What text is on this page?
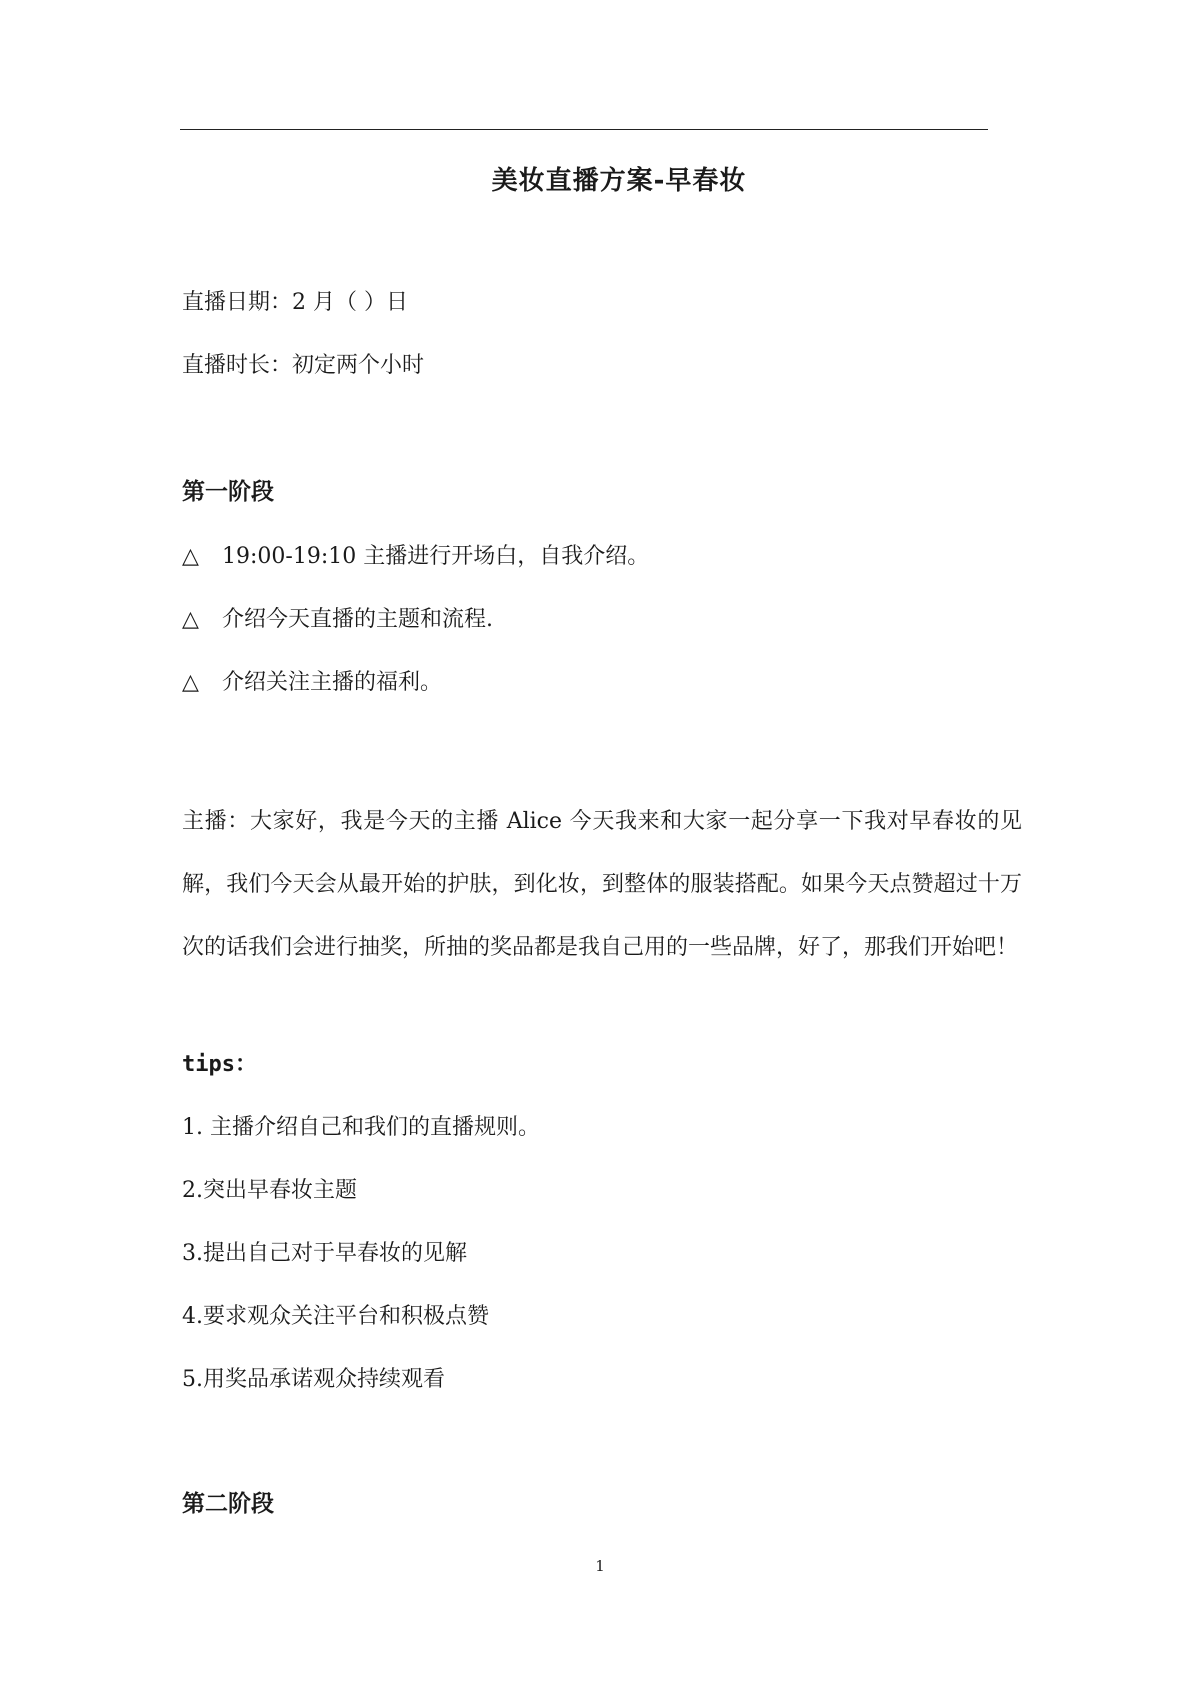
美妆直播方案-早春妆
直播日期：2 月（ ）日
直播时长：初定两个小时
第一阶段
△ 19:00-19:10 主播进行开场白，自我介绍。
△ 介绍今天直播的主题和流程.
△ 介绍关注主播的福利。
主播：大家好，我是今天的主播 Alice 今天我来和大家一起分享一下我对早春妆的见解，我们今天会从最开始的护肤，到化妆，到整体的服装搭配。如果今天点赞超过十万次的话我们会进行抽奖，所抽的奖品都是我自己用的一些品牌，好了，那我们开始吧！
tips：
1. 主播介绍自己和我们的直播规则。
2.突出早春妆主题
3.提出自己对于早春妆的见解
4.要求观众关注平台和积极点赞
5.用奖品承诺观众持续观看
第二阶段
1
